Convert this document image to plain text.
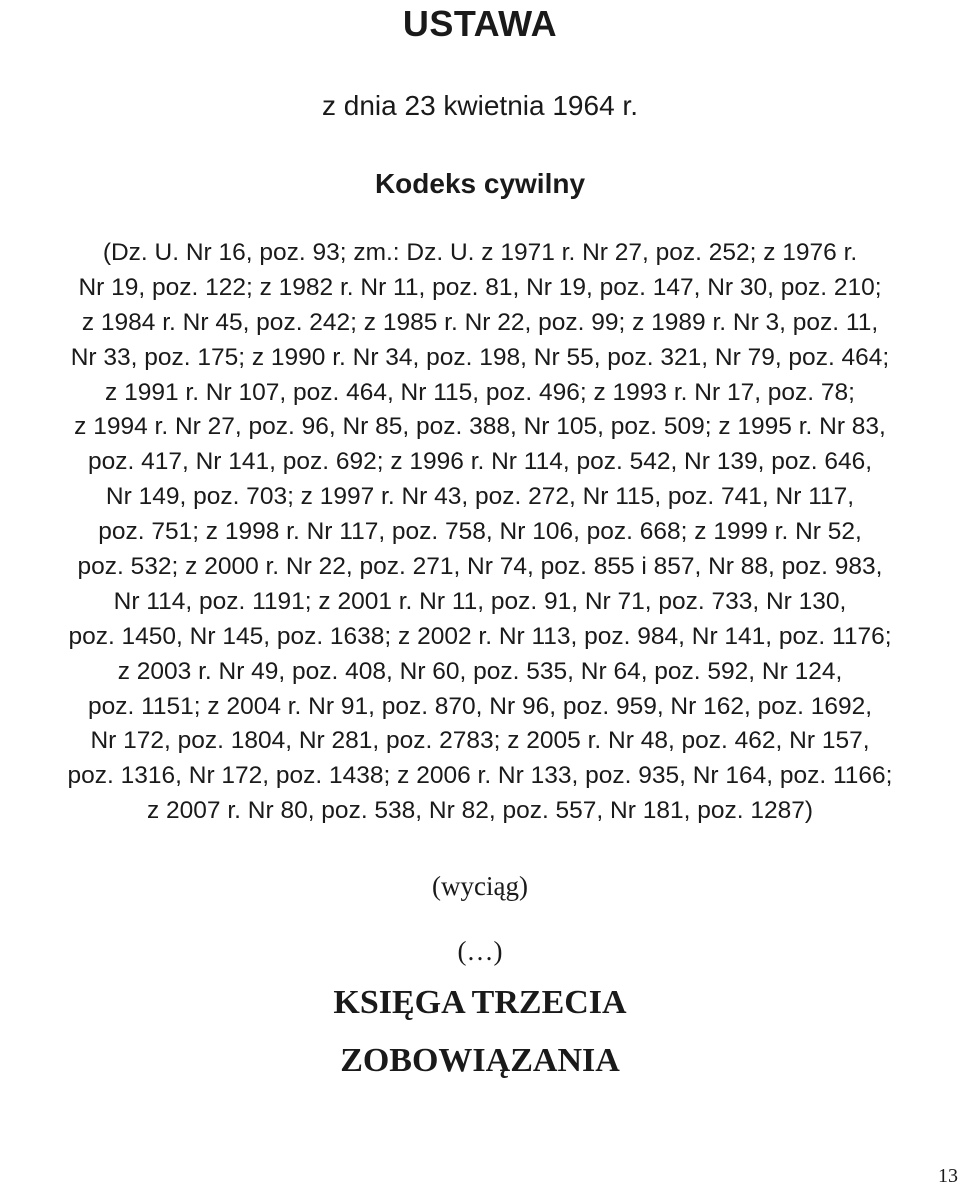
USTAWA

z dnia 23 kwietnia 1964 r.

Kodeks cywilny

(Dz. U. Nr 16, poz. 93; zm.: Dz. U. z 1971 r. Nr 27, poz. 252; z 1976 r.
Nr 19, poz. 122; z 1982 r. Nr 11, poz. 81, Nr 19, poz. 147, Nr 30, poz. 210;
z 1984 r. Nr 45, poz. 242; z 1985 r. Nr 22, poz. 99; z 1989 r. Nr 3, poz. 11,
Nr 33, poz. 175; z 1990 r. Nr 34, poz. 198, Nr 55, poz. 321, Nr 79, poz. 464;
z 1991 r. Nr 107, poz. 464, Nr 115, poz. 496; z 1993 r. Nr 17, poz. 78;
z 1994 r. Nr 27, poz. 96, Nr 85, poz. 388, Nr 105, poz. 509; z 1995 r. Nr 83,
poz. 417, Nr 141, poz. 692; z 1996 r. Nr 114, poz. 542, Nr 139, poz. 646,
Nr 149, poz. 703; z 1997 r. Nr 43, poz. 272, Nr 115, poz. 741, Nr 117,
poz. 751; z 1998 r. Nr 117, poz. 758, Nr 106, poz. 668; z 1999 r. Nr 52,
poz. 532; z 2000 r. Nr 22, poz. 271, Nr 74, poz. 855 i 857, Nr 88, poz. 983,
Nr 114, poz. 1191; z 2001 r. Nr 11, poz. 91, Nr 71, poz. 733, Nr 130,
poz. 1450, Nr 145, poz. 1638; z 2002 r. Nr 113, poz. 984, Nr 141, poz. 1176;
z 2003 r. Nr 49, poz. 408, Nr 60, poz. 535, Nr 64, poz. 592, Nr 124,
poz. 1151; z 2004 r. Nr 91, poz. 870, Nr 96, poz. 959, Nr 162, poz. 1692,
Nr 172, poz. 1804, Nr 281, poz. 2783; z 2005 r. Nr 48, poz. 462, Nr 157,
poz. 1316, Nr 172, poz. 1438; z 2006 r. Nr 133, poz. 935, Nr 164, poz. 1166;
z 2007 r. Nr 80, poz. 538, Nr 82, poz. 557, Nr 181, poz. 1287)

(wyciąg)

(…)

KSIĘGA TRZECIA
ZOBOWIĄZANIA

13
